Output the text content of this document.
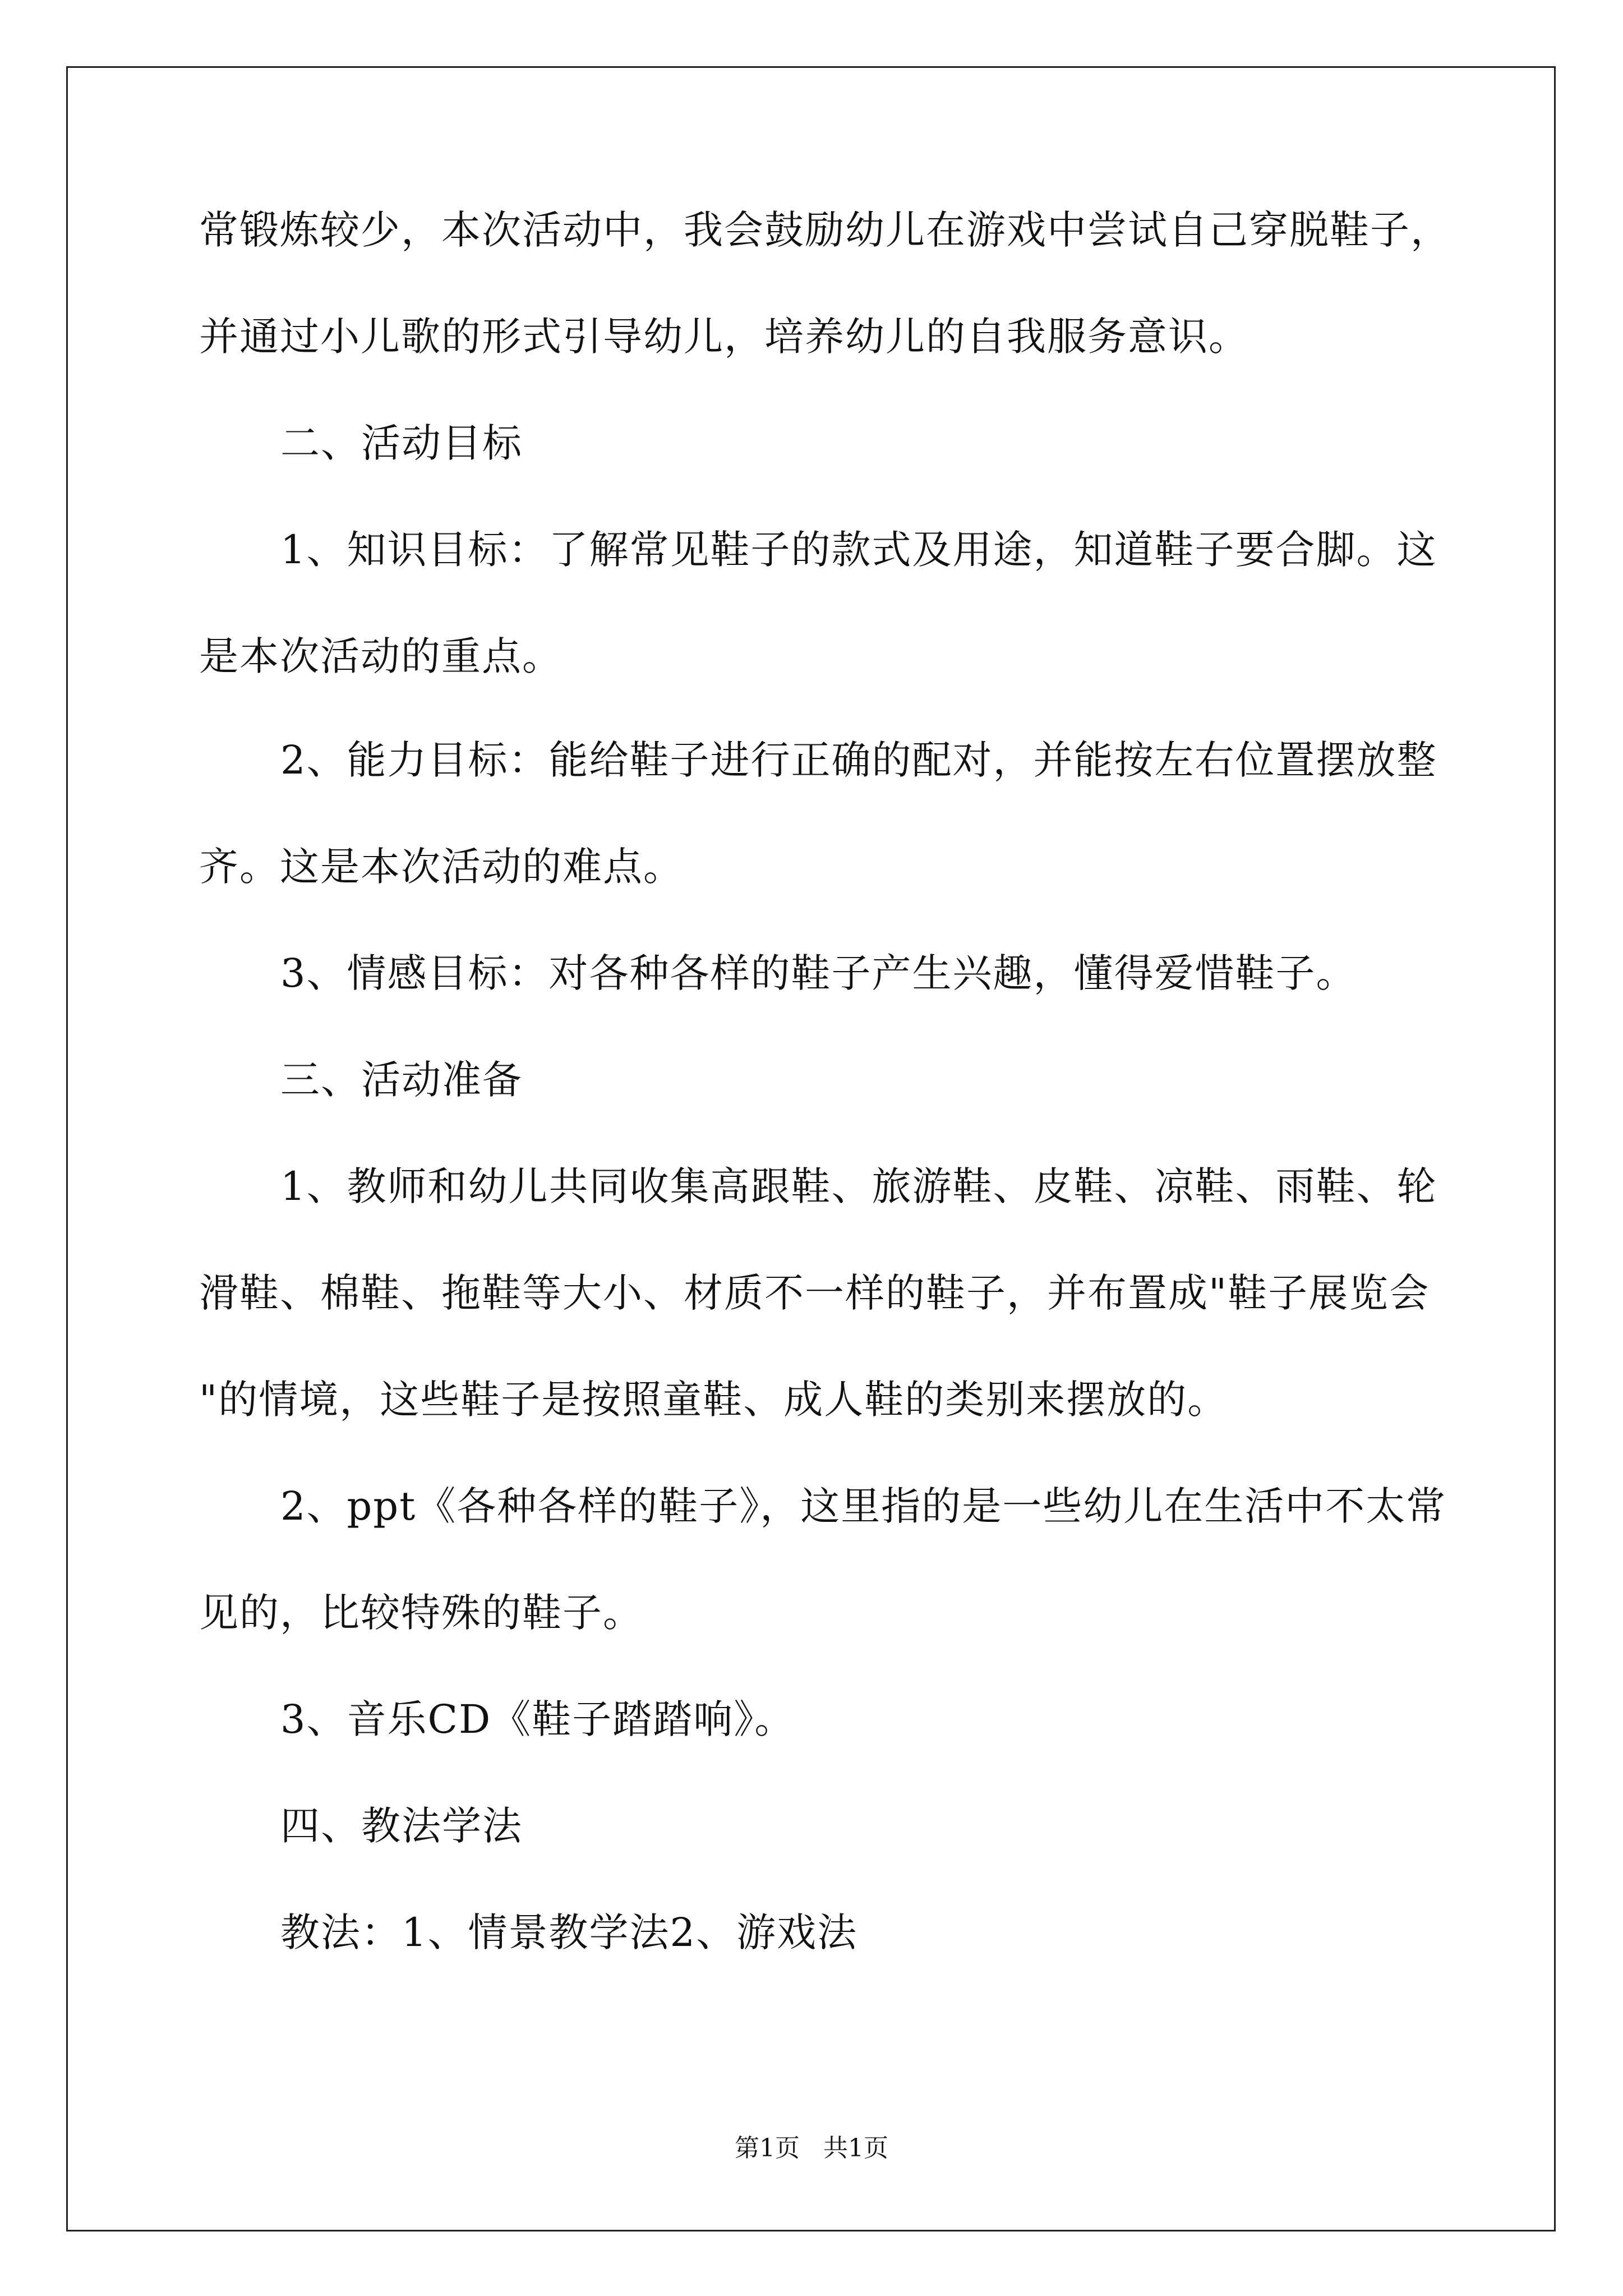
常锻炼较少，本次活动中，我会鼓励幼儿在游戏中尝试自己穿脱鞋子，
并通过小儿歌的形式引导幼儿，培养幼儿的自我服务意识。
二、活动目标
1、知识目标：了解常见鞋子的款式及用途，知道鞋子要合脚。这
是本次活动的重点。
2、能力目标：能给鞋子进行正确的配对，并能按左右位置摆放整
齐。这是本次活动的难点。
3、情感目标：对各种各样的鞋子产生兴趣，懂得爱惜鞋子。
三、活动准备
1、教师和幼儿共同收集高跟鞋、旅游鞋、皮鞋、凉鞋、雨鞋、轮
滑鞋、棉鞋、拖鞋等大小、材质不一样的鞋子，并布置成"鞋子展览会
"的情境，这些鞋子是按照童鞋、成人鞋的类别来摆放的。
2、ppt《各种各样的鞋子》，这里指的是一些幼儿在生活中不太常
见的，比较特殊的鞋子。
3、音乐CD《鞋子踏踏响》。
四、教法学法
教法：1、情景教学法2、游戏法
第1页   共1页
